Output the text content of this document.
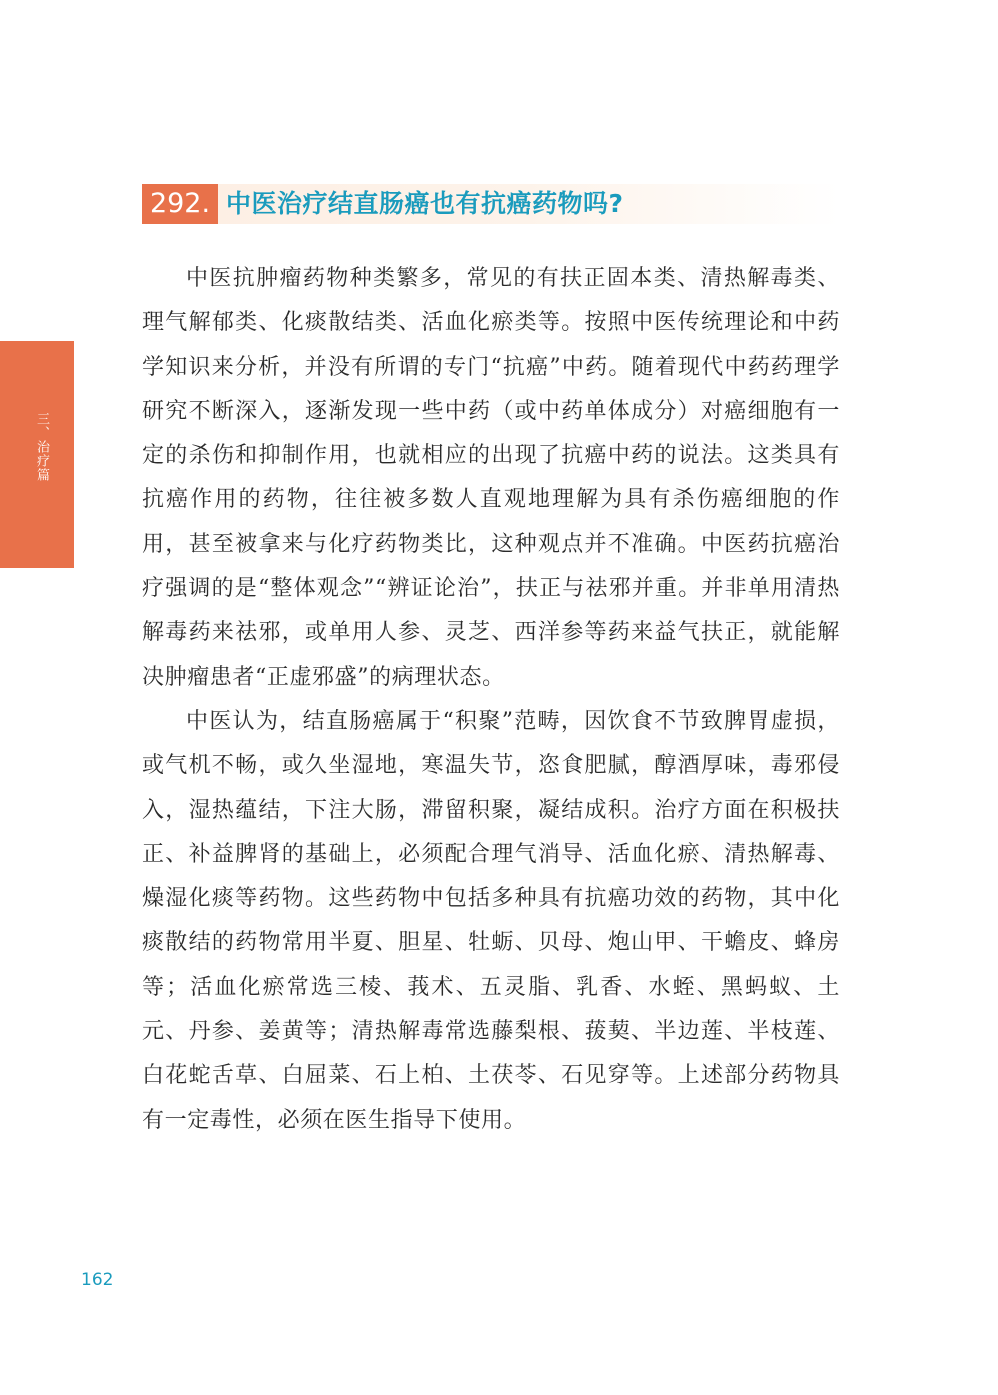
三、治疗篇
292. 中医治疗结直肠癌也有抗癌药物吗?

中医抗肿瘤药物种类繁多，常见的有扶正固本类、清热解毒类、理气解郁类、化痰散结类、活血化瘀类等。按照中医传统理论和中药学知识来分析，并没有所谓的专门“抗癌”中药。随着现代中药药理学研究不断深入，逐渐发现一些中药（或中药单体成分）对癌细胞有一定的杀伤和抑制作用，也就相应的出现了抗癌中药的说法。这类具有抗癌作用的药物，往往被多数人直观地理解为具有杀伤癌细胞的作用，甚至被拿来与化疗药物类比，这种观点并不准确。中医药抗癌治疗强调的是“整体观念”“辨证论治”，扶正与祛邪并重。并非单用清热解毒药来祛邪，或单用人参、灵芝、西洋参等药来益气扶正，就能解决肿瘤患者“正虚邪盛”的病理状态。

中医认为，结直肠癌属于“积聚”范畴，因饮食不节致脾胃虚损，或气机不畅，或久坐湿地，寒温失节，恣食肥腻，醇酒厚味，毒邪侵入，湿热蕴结，下注大肠，滞留积聚，凝结成积。治疗方面在积极扶正、补益脾肾的基础上，必须配合理气消导、活血化瘀、清热解毒、燥湿化痰等药物。这些药物中包括多种具有抗癌功效的药物，其中化痰散结的药物常用半夏、胆星、牡蛎、贝母、炮山甲、干蟾皮、蜂房等；活血化瘀常选三棱、莪术、五灵脂、乳香、水蛭、黑蚂蚁、土元、丹参、姜黄等；清热解毒常选藤梨根、菝葜、半边莲、半枝莲、白花蛇舌草、白屈菜、石上柏、土茯苓、石见穿等。上述部分药物具有一定毒性，必须在医生指导下使用。

162
